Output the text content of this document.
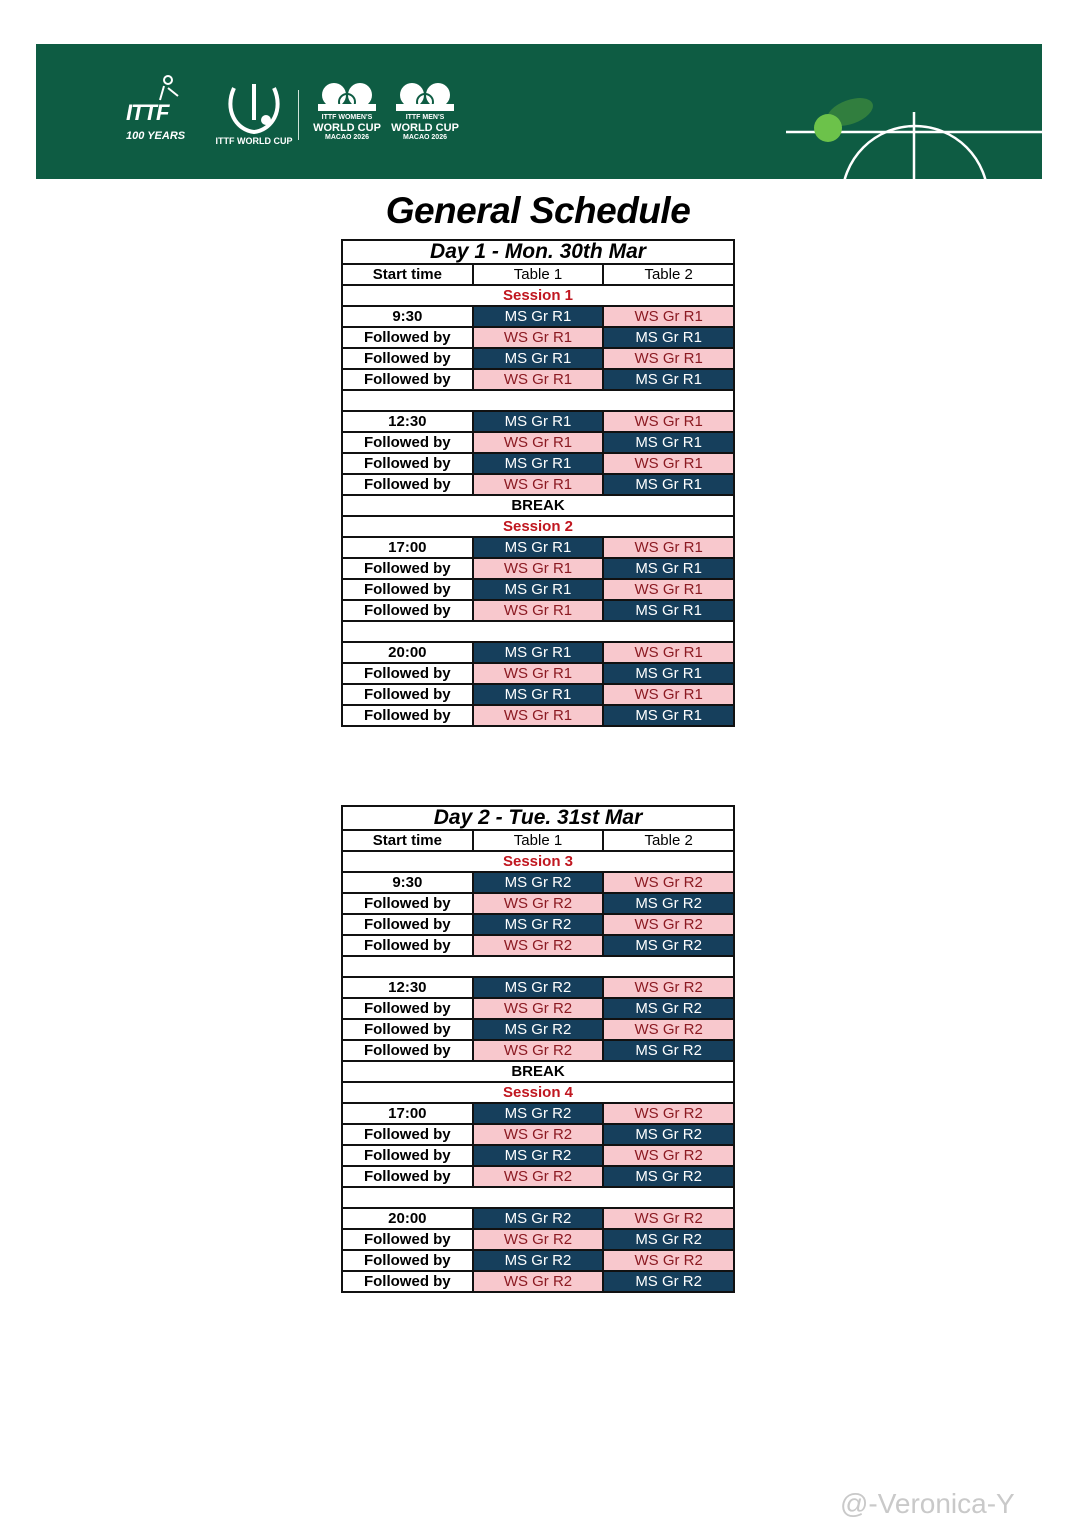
ITTF
100 YEARS	ITTF WORLD CUP
ITTF WOMEN'S
WORLD CUP
MACAO 2026
ITTF MEN'S
WORLD CUP
MACAO 2026
General Schedule
Day 1 - Mon. 30th Mar		
Start time	Table 1	Table 2
Session 1		
9:30	MS Gr R1	WS Gr R1
Followed by	WS Gr R1	MS Gr R1
Followed by	MS Gr R1	WS Gr R1
Followed by	WS Gr R1	MS Gr R1

12:30	MS Gr R1	WS Gr R1
Followed by	WS Gr R1	MS Gr R1
Followed by	MS Gr R1	WS Gr R1
Followed by	WS Gr R1	MS Gr R1
BREAK		
Session 2		
17:00	MS Gr R1	WS Gr R1
Followed by	WS Gr R1	MS Gr R1
Followed by	MS Gr R1	WS Gr R1
Followed by	WS Gr R1	MS Gr R1

20:00	MS Gr R1	WS Gr R1
Followed by	WS Gr R1	MS Gr R1
Followed by	MS Gr R1	WS Gr R1
Followed by	WS Gr R1	MS Gr R1
Day 2 - Tue. 31st Mar		
Start time	Table 1	Table 2
Session 3		
9:30	MS Gr R2	WS Gr R2
Followed by	WS Gr R2	MS Gr R2
Followed by	MS Gr R2	WS Gr R2
Followed by	WS Gr R2	MS Gr R2

12:30	MS Gr R2	WS Gr R2
Followed by	WS Gr R2	MS Gr R2
Followed by	MS Gr R2	WS Gr R2
Followed by	WS Gr R2	MS Gr R2
BREAK		
Session 4		
17:00	MS Gr R2	WS Gr R2
Followed by	WS Gr R2	MS Gr R2
Followed by	MS Gr R2	WS Gr R2
Followed by	WS Gr R2	MS Gr R2

20:00	MS Gr R2	WS Gr R2
Followed by	WS Gr R2	MS Gr R2
Followed by	MS Gr R2	WS Gr R2
Followed by	WS Gr R2	MS Gr R2
@-Veronica-Y
